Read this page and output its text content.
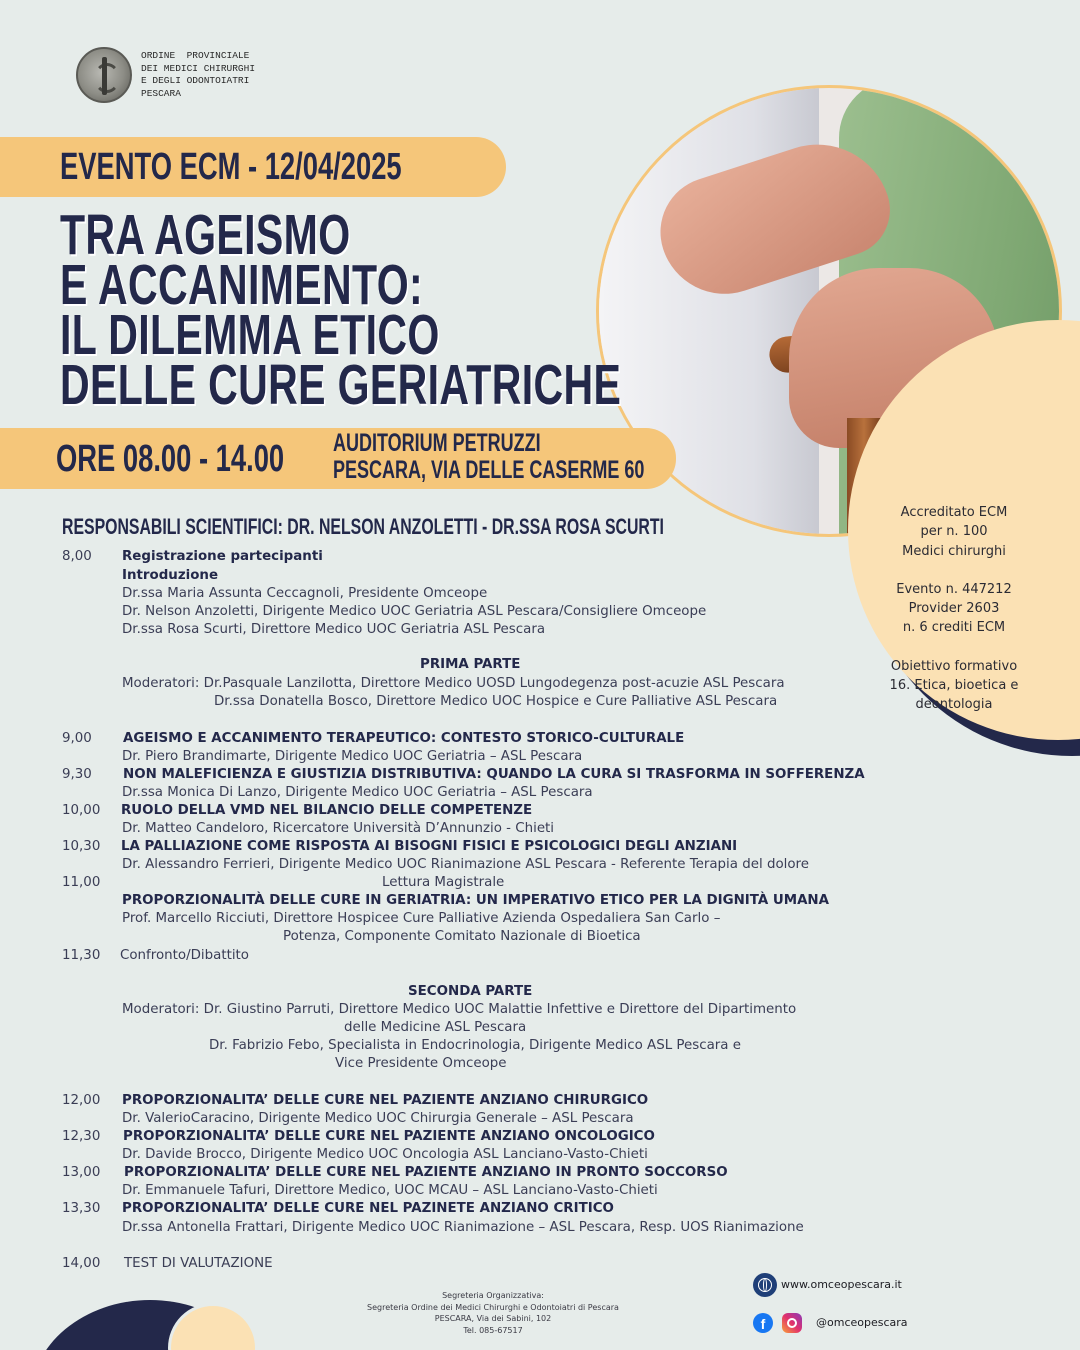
ORDINE  PROVINCIALE
DEI MEDICI CHIRURGHI
E DEGLI ODONTOIATRI
PESCARA
EVENTO ECM - 12/04/2025
TRA AGEISMO
E ACCANIMENTO:
IL DILEMMA ETICO
DELLE CURE GERIATRICHE
ORE 08.00 - 14.00 AUDITORIUM PETRUZZI
PESCARA, VIA DELLE CASERME 60
Accreditato ECM
per n. 100
Medici chirurghi
Evento n. 447212
Provider 2603
n. 6 crediti ECM
Obiettivo formativo
16. Etica, bioetica e
deontologia
RESPONSABILI SCIENTIFICI: DR. NELSON ANZOLETTI - DR.SSA ROSA SCURTI
8,00 Registrazione partecipanti
Introduzione
Dr.ssa Maria Assunta Ceccagnoli, Presidente Omceope
Dr. Nelson Anzoletti, Dirigente Medico UOC Geriatria ASL Pescara/Consigliere Omceope
Dr.ssa Rosa Scurti, Direttore Medico UOC Geriatria ASL Pescara
PRIMA PARTE
Moderatori: Dr.Pasquale Lanzilotta, Direttore Medico UOSD Lungodegenza post-acuzie ASL Pescara
Dr.ssa Donatella Bosco, Direttore Medico UOC Hospice e Cure Palliative ASL Pescara
9,00 AGEISMO E ACCANIMENTO TERAPEUTICO: CONTESTO STORICO-CULTURALE
Dr. Piero Brandimarte, Dirigente Medico UOC Geriatria – ASL Pescara
9,30 NON MALEFICIENZA E GIUSTIZIA DISTRIBUTIVA: QUANDO LA CURA SI TRASFORMA IN SOFFERENZA
Dr.ssa Monica Di Lanzo, Dirigente Medico UOC Geriatria – ASL Pescara
10,00 RUOLO DELLA VMD NEL BILANCIO DELLE COMPETENZE
Dr. Matteo Candeloro, Ricercatore Università D’Annunzio - Chieti
10,30 LA PALLIAZIONE COME RISPOSTA AI BISOGNI FISICI E PSICOLOGICI DEGLI ANZIANI
Dr. Alessandro Ferrieri, Dirigente Medico UOC Rianimazione ASL Pescara - Referente Terapia del dolore
11,00	Lettura Magistrale
PROPORZIONALITÀ DELLE CURE IN GERIATRIA: UN IMPERATIVO ETICO PER LA DIGNITÀ UMANA
Prof. Marcello Ricciuti, Direttore Hospicee Cure Palliative Azienda Ospedaliera San Carlo –
Potenza, Componente Comitato Nazionale di Bioetica
11,30 Confronto/Dibattito
SECONDA PARTE
Moderatori: Dr. Giustino Parruti, Direttore Medico UOC Malattie Infettive e Direttore del Dipartimento
delle Medicine ASL Pescara
Dr. Fabrizio Febo, Specialista in Endocrinologia, Dirigente Medico ASL Pescara e
Vice Presidente Omceope
12,00 PROPORZIONALITA’ DELLE CURE NEL PAZIENTE ANZIANO CHIRURGICO
Dr. ValerioCaracino, Dirigente Medico UOC Chirurgia Generale – ASL Pescara
12,30 PROPORZIONALITA’ DELLE CURE NEL PAZIENTE ANZIANO ONCOLOGICO
Dr. Davide Brocco, Dirigente Medico UOC Oncologia ASL Lanciano-Vasto-Chieti
13,00 PROPORZIONALITA’ DELLE CURE NEL PAZIENTE ANZIANO IN PRONTO SOCCORSO
Dr. Emmanuele Tafuri, Direttore Medico, UOC MCAU – ASL Lanciano-Vasto-Chieti
13,30 PROPORZIONALITA’ DELLE CURE NEL PAZINETE ANZIANO CRITICO
Dr.ssa Antonella Frattari, Dirigente Medico UOC Rianimazione – ASL Pescara, Resp. UOS Rianimazione
14,00 TEST DI VALUTAZIONE
Segreteria Organizzativa:
Segreteria Ordine dei Medici Chirurghi e Odontoiatri di Pescara
PESCARA, Via dei Sabini, 102
Tel. 085-67517
www.omceopescara.it
f	@omceopescara
